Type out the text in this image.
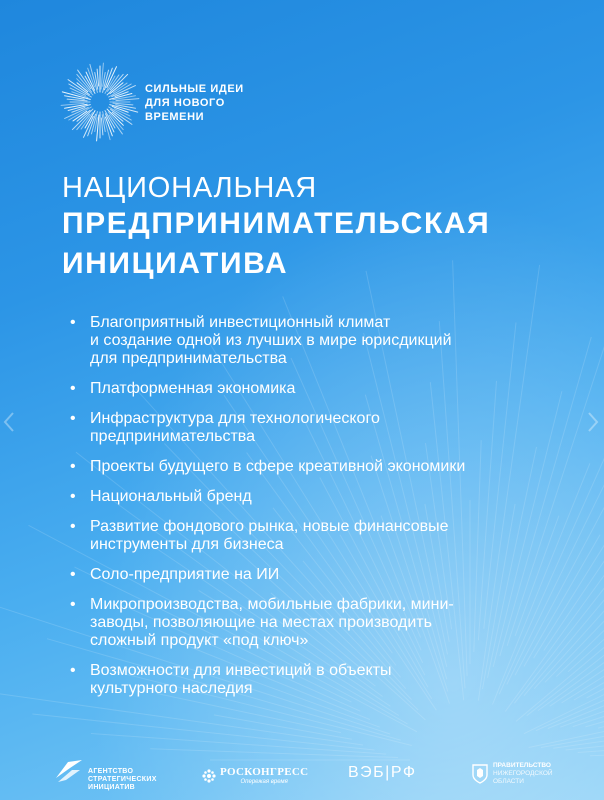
СИЛЬНЫЕ ИДЕИ
ДЛЯ НОВОГО
ВРЕМЕНИ
НАЦИОНАЛЬНАЯ
ПРЕДПРИНИМАТЕЛЬСКАЯ
ИНИЦИАТИВА
• Благоприятный инвестиционный климат
и создание одной из лучших в мире юрисдикций
для предпринимательства
• Платформенная экономика
• Инфраструктура для технологического
предпринимательства
• Проекты будущего в сфере креативной экономики
• Национальный бренд
• Развитие фондового рынка, новые финансовые
инструменты для бизнеса
• Соло-предприятие на ИИ
• Микропроизводства, мобильные фабрики, мини-
заводы, позволяющие на местах производить
сложный продукт «под ключ»
• Возможности для инвестиций в объекты
культурного наследия
АГЕНТСТВО
СТРАТЕГИЧЕСКИХ
ИНИЦИАТИВ
РОСКОНГРЕСС
Опережая время
ВЭБ|РФ	ПРАВИТЕЛЬСТВО
НИЖЕГОРОДСКОЙ
ОБЛАСТИ
